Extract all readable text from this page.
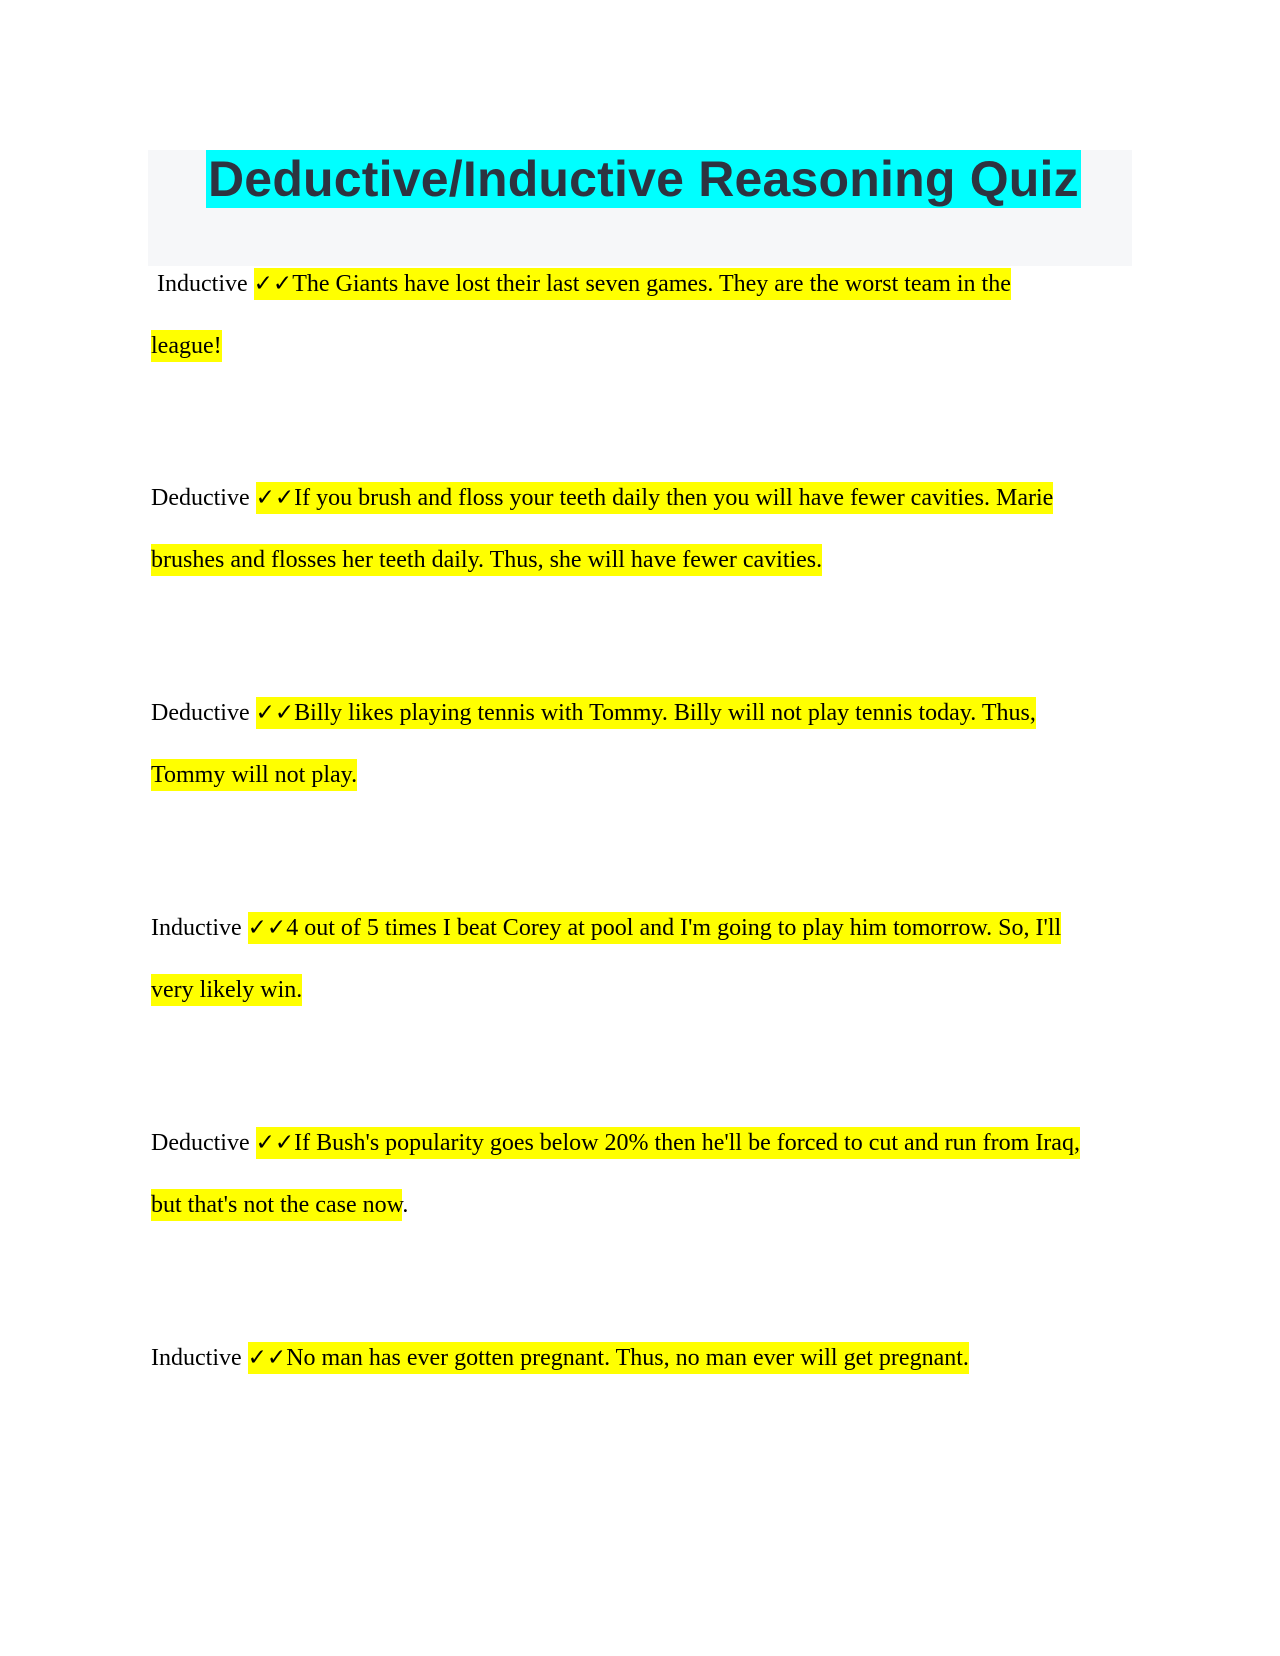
Deductive/Inductive Reasoning Quiz
Inductive ✓✓The Giants have lost their last seven games. They are the worst team in the
league!
Deductive ✓✓If you brush and floss your teeth daily then you will have fewer cavities. Marie
brushes and flosses her teeth daily. Thus, she will have fewer cavities.
Deductive ✓✓Billy likes playing tennis with Tommy. Billy will not play tennis today. Thus,
Tommy will not play.
Inductive ✓✓4 out of 5 times I beat Corey at pool and I'm going to play him tomorrow. So, I'll
very likely win.
Deductive ✓✓If Bush's popularity goes below 20% then he'll be forced to cut and run from Iraq,
but that's not the case now.
Inductive ✓✓No man has ever gotten pregnant. Thus, no man ever will get pregnant.
